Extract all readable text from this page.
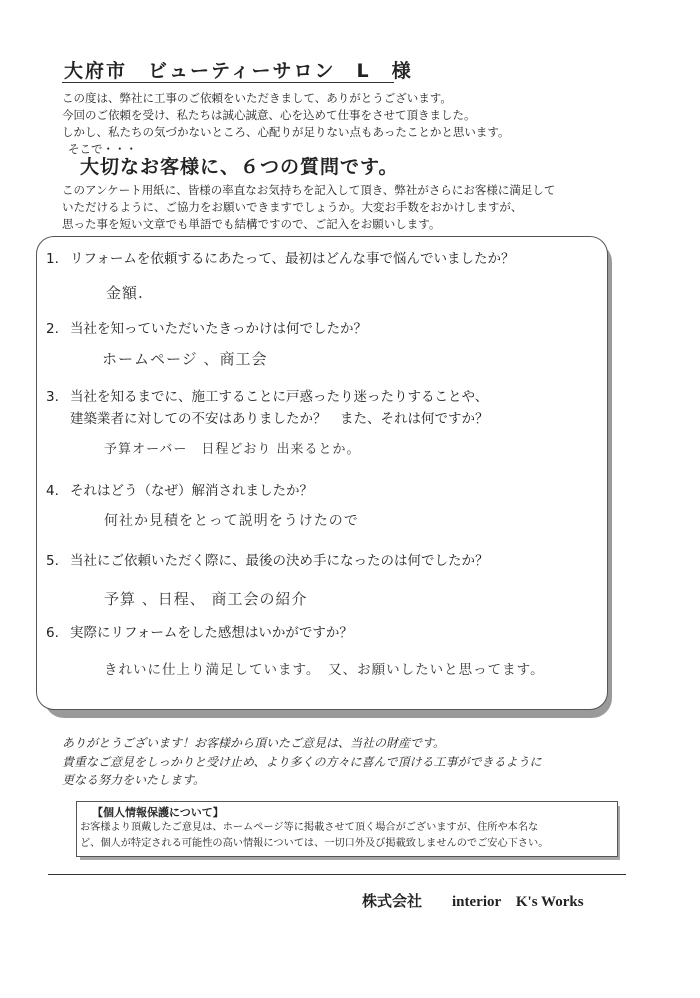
大府市　ビューティーサロン　L　様
この度は、弊社に工事のご依頼をいただきまして、ありがとうございます。
今回のご依頼を受け、私たちは誠心誠意、心を込めて仕事をさせて頂きました。
しかし、私たちの気づかないところ、心配りが足りない点もあったことかと思います。
そこで・・・
大切なお客様に、６つの質問です。
このアンケート用紙に、皆様の率直なお気持ちを記入して頂き、弊社がさらにお客様に満足して
いただけるように、ご協力をお願いできますでしょうか。大変お手数をおかけしますが、
思った事を短い文章でも単語でも結構ですので、ご記入をお願いします。
1. リフォームを依頼するにあたって、最初はどんな事で悩んでいましたか？
金額.
2. 当社を知っていただいたきっかけは何でしたか？
ホームページ 、商工会
3. 当社を知るまでに、施工することに戸惑ったり迷ったりすることや、
建築業者に対しての不安はありましたか？　また、それは何ですか？
予算オーバー　日程どおり 出来るとか。
4. それはどう（なぜ）解消されましたか？
何社か見積をとって説明をうけたので
5. 当社にご依頼いただく際に、最後の決め手になったのは何でしたか？
予算 、日程、 商工会の紹介
6. 実際にリフォームをした感想はいかがですか？
きれいに仕上り満足しています。　又、お願いしたいと思ってます。
ありがとうございます！お客様から頂いたご意見は、当社の財産です。
貴重なご意見をしっかりと受け止め、より多くの方々に喜んで頂ける工事ができるように
更なる努力をいたします。
【個人情報保護について】
お客様より頂戴したご意見は、ホームページ等に掲載させて頂く場合がございますが、住所や本名な
ど、個人が特定される可能性の高い情報については、一切口外及び掲載致しませんのでご安心下さい。
株式会社　　interior　K's Works
